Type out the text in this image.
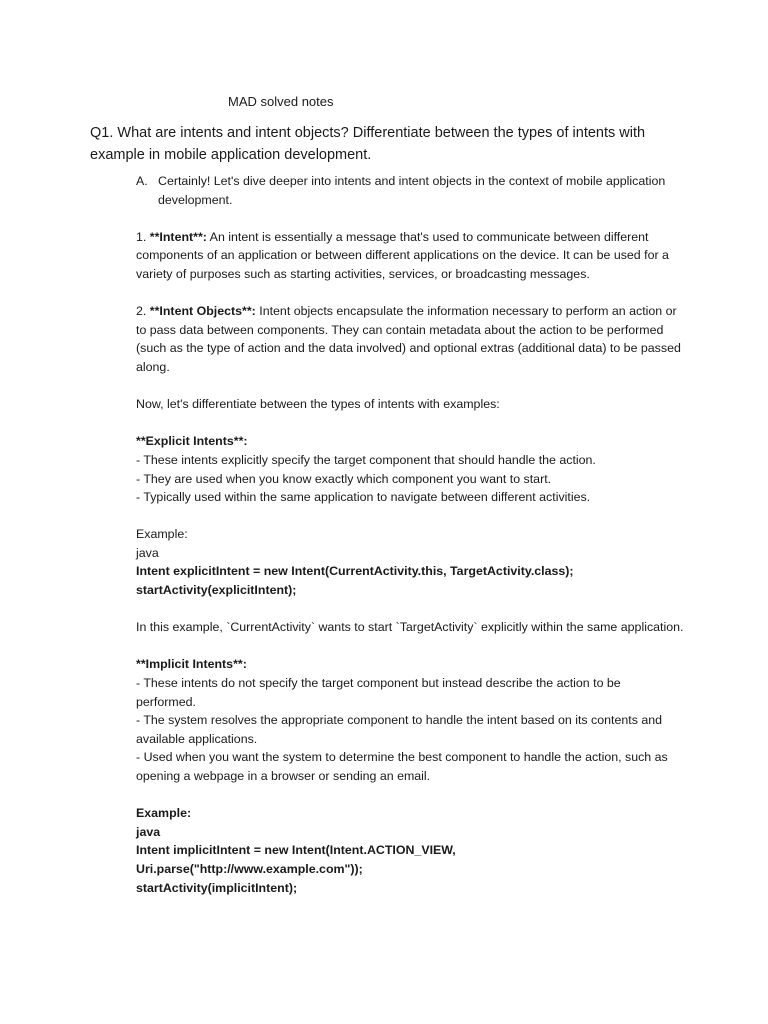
MAD solved notes
Q1. What are intents and intent objects? Differentiate between the types of intents with example in mobile application development.

A. Certainly! Let's dive deeper into intents and intent objects in the context of mobile application development.

1. **Intent**: An intent is essentially a message that's used to communicate between different components of an application or between different applications on the device. It can be used for a variety of purposes such as starting activities, services, or broadcasting messages.

2. **Intent Objects**: Intent objects encapsulate the information necessary to perform an action or to pass data between components. They can contain metadata about the action to be performed (such as the type of action and the data involved) and optional extras (additional data) to be passed along.

Now, let's differentiate between the types of intents with examples:

**Explicit Intents**:

- These intents explicitly specify the target component that should handle the action.

- They are used when you know exactly which component you want to start.

- Typically used within the same application to navigate between different activities.

Example:

java

Intent explicitIntent = new Intent(CurrentActivity.this, TargetActivity.class);

startActivity(explicitIntent);

In this example, `CurrentActivity` wants to start `TargetActivity` explicitly within the same application.

**Implicit Intents**:

- These intents do not specify the target component but instead describe the action to be performed.

- The system resolves the appropriate component to handle the intent based on its contents and available applications.

- Used when you want the system to determine the best component to handle the action, such as opening a webpage in a browser or sending an email.

Example:

java

Intent implicitIntent = new Intent(Intent.ACTION_VIEW,

Uri.parse("http://www.example.com"));

startActivity(implicitIntent);
